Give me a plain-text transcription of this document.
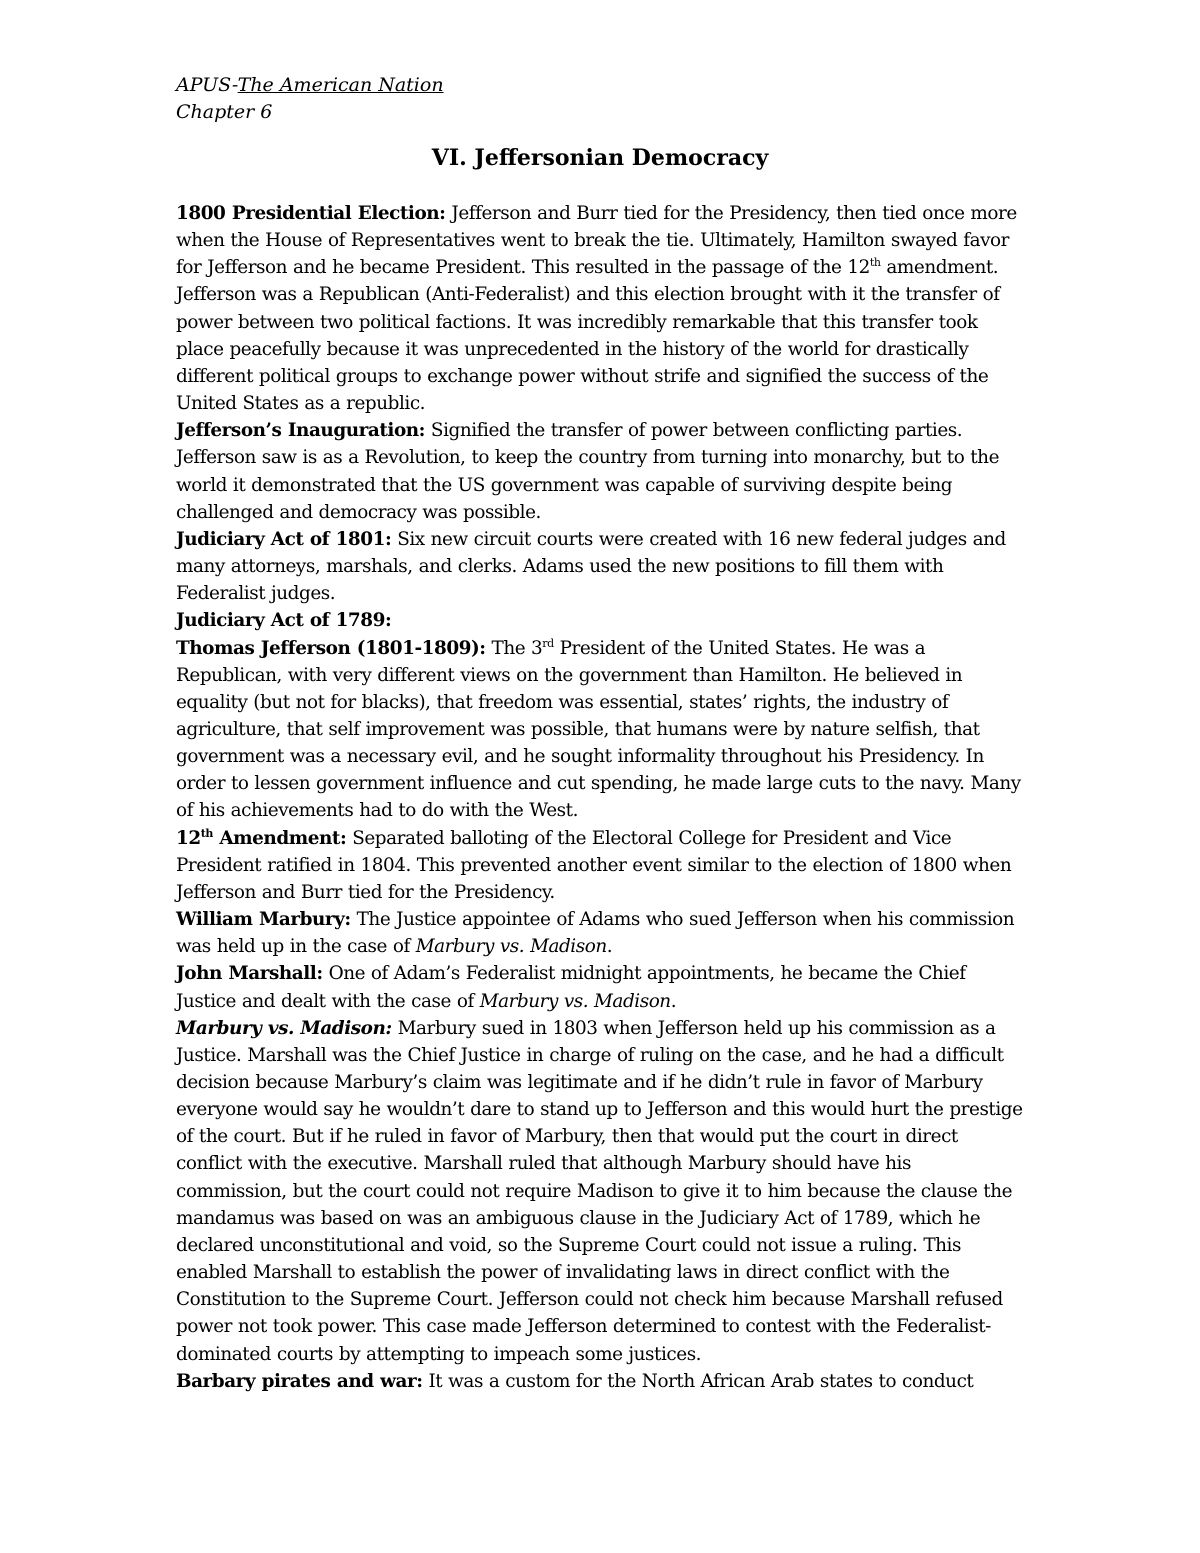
APUS-The American Nation
Chapter 6
VI. Jeffersonian Democracy

1800 Presidential Election: Jefferson and Burr tied for the Presidency, then tied once more when the House of Representatives went to break the tie. Ultimately, Hamilton swayed favor for Jefferson and he became President. This resulted in the passage of the 12th amendment. Jefferson was a Republican (Anti-Federalist) and this election brought with it the transfer of power between two political factions. It was incredibly remarkable that this transfer took place peacefully because it was unprecedented in the history of the world for drastically different political groups to exchange power without strife and signified the success of the United States as a republic.

Jefferson’s Inauguration: Signified the transfer of power between conflicting parties. Jefferson saw is as a Revolution, to keep the country from turning into monarchy, but to the world it demonstrated that the US government was capable of surviving despite being challenged and democracy was possible.

Judiciary Act of 1801: Six new circuit courts were created with 16 new federal judges and many attorneys, marshals, and clerks. Adams used the new positions to fill them with Federalist judges.

Judiciary Act of 1789:

Thomas Jefferson (1801-1809): The 3rd President of the United States. He was a Republican, with very different views on the government than Hamilton. He believed in equality (but not for blacks), that freedom was essential, states’ rights, the industry of agriculture, that self improvement was possible, that humans were by nature selfish, that government was a necessary evil, and he sought informality throughout his Presidency. In order to lessen government influence and cut spending, he made large cuts to the navy. Many of his achievements had to do with the West.

12th Amendment: Separated balloting of the Electoral College for President and Vice President ratified in 1804. This prevented another event similar to the election of 1800 when Jefferson and Burr tied for the Presidency.

William Marbury: The Justice appointee of Adams who sued Jefferson when his commission was held up in the case of Marbury vs. Madison.

John Marshall: One of Adam’s Federalist midnight appointments, he became the Chief Justice and dealt with the case of Marbury vs. Madison.

Marbury vs. Madison: Marbury sued in 1803 when Jefferson held up his commission as a Justice. Marshall was the Chief Justice in charge of ruling on the case, and he had a difficult decision because Marbury’s claim was legitimate and if he didn’t rule in favor of Marbury everyone would say he wouldn’t dare to stand up to Jefferson and this would hurt the prestige of the court. But if he ruled in favor of Marbury, then that would put the court in direct conflict with the executive. Marshall ruled that although Marbury should have his commission, but the court could not require Madison to give it to him because the clause the mandamus was based on was an ambiguous clause in the Judiciary Act of 1789, which he declared unconstitutional and void, so the Supreme Court could not issue a ruling. This enabled Marshall to establish the power of invalidating laws in direct conflict with the Constitution to the Supreme Court. Jefferson could not check him because Marshall refused power not took power. This case made Jefferson determined to contest with the Federalist-dominated courts by attempting to impeach some justices.

Barbary pirates and war: It was a custom for the North African Arab states to conduct
